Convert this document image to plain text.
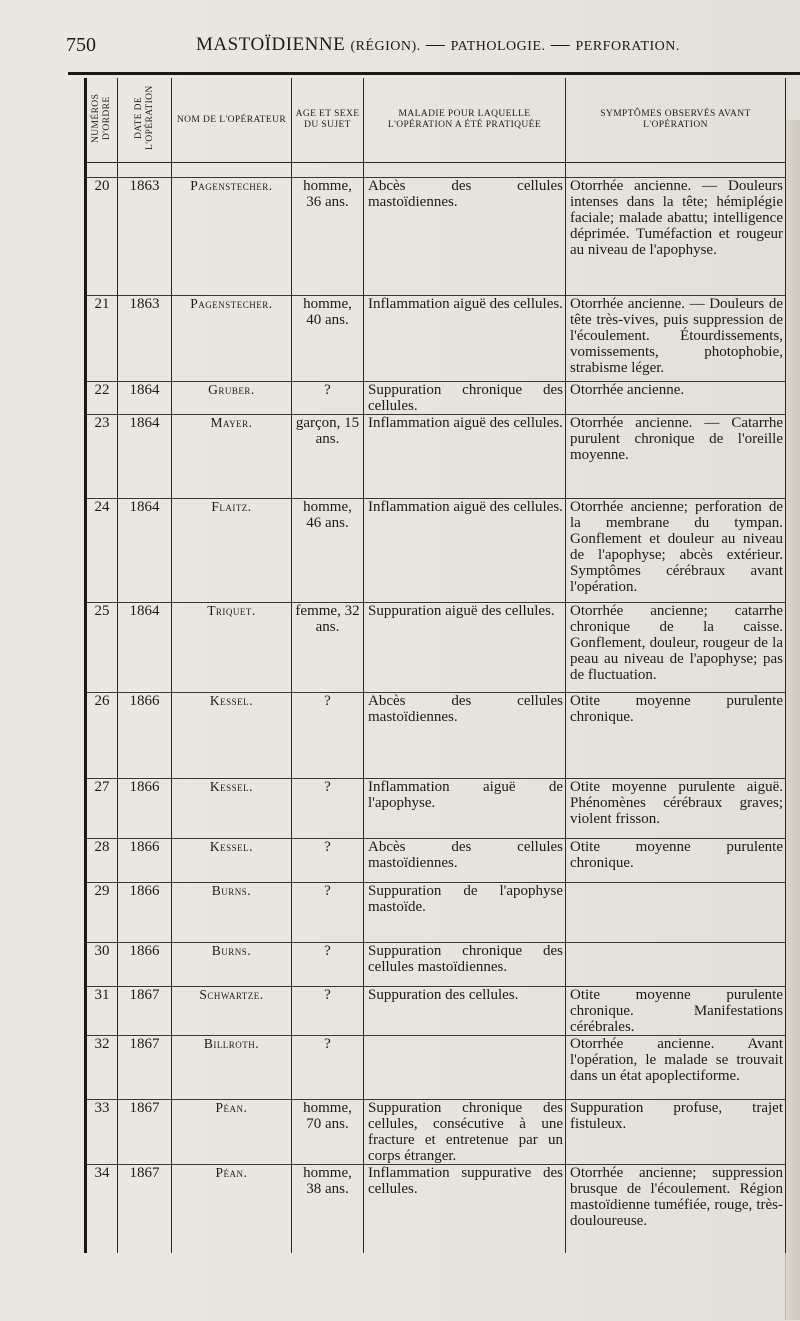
750	MASTOÏDIENNE (RÉGION). — PATHOLOGIE. — PERFORATION.
NUMÉROS D'ORDRE	DATE DE L'OPÉRATION	NOM DE L'OPÉRATEUR	AGE ET SEXE DU SUJET	MALADIE POUR LAQUELLE L'OPÉRATION A ÉTÉ PRATIQUÉE	SYMPTÔMES OBSERVÉS AVANT L'OPÉRATION

20	1863	Pagenstecher.	homme, 36 ans.	Abcès des cellules mastoïdiennes.	Otorrhée ancienne. — Douleurs intenses dans la tête; hémiplégie faciale; malade abattu; intelligence déprimée. Tuméfaction et rougeur au niveau de l'apophyse.
21	1863	Pagenstecher.	homme, 40 ans.	Inflammation aiguë des cellules.	Otorrhée ancienne. — Douleurs de tête très-vives, puis suppression de l'écoulement. Étourdissements, vomissements, photophobie, strabisme léger.
22	1864	Gruber.	?	Suppuration chronique des cellules.	Otorrhée ancienne.
23	1864	Mayer.	garçon, 15 ans.	Inflammation aiguë des cellules.	Otorrhée ancienne. — Catarrhe purulent chronique de l'oreille moyenne.
24	1864	Flaitz.	homme, 46 ans.	Inflammation aiguë des cellules.	Otorrhée ancienne; perforation de la membrane du tympan. Gonflement et douleur au niveau de l'apophyse; abcès extérieur. Symptômes cérébraux avant l'opération.
25	1864	Triquet.	femme, 32 ans.	Suppuration aiguë des cellules.	Otorrhée ancienne; catarrhe chronique de la caisse. Gonflement, douleur, rougeur de la peau au niveau de l'apophyse; pas de fluctuation.
26	1866	Kessel.	?	Abcès des cellules mastoïdiennes.	Otite moyenne purulente chronique.
27	1866	Kessel.	?	Inflammation aiguë de l'apophyse.	Otite moyenne purulente aiguë. Phénomènes cérébraux graves; violent frisson.
28	1866	Kessel.	?	Abcès des cellules mastoïdiennes.	Otite moyenne purulente chronique.
29	1866	Burns.	?	Suppuration de l'apophyse mastoïde.	
30	1866	Burns.	?	Suppuration chronique des cellules mastoïdiennes.	
31	1867	Schwartze.	?	Suppuration des cellules.	Otite moyenne purulente chronique. Manifestations cérébrales.
32	1867	Billroth.	?		Otorrhée ancienne. Avant l'opération, le malade se trouvait dans un état apoplectiforme.
33	1867	Péan.	homme, 70 ans.	Suppuration chronique des cellules, consécutive à une fracture et entretenue par un corps étranger.	Suppuration profuse, trajet fistuleux.
34	1867	Péan.	homme, 38 ans.	Inflammation suppurative des cellules.	Otorrhée ancienne; suppression brusque de l'écoulement. Région mastoïdienne tuméfiée, rouge, très-douloureuse.
